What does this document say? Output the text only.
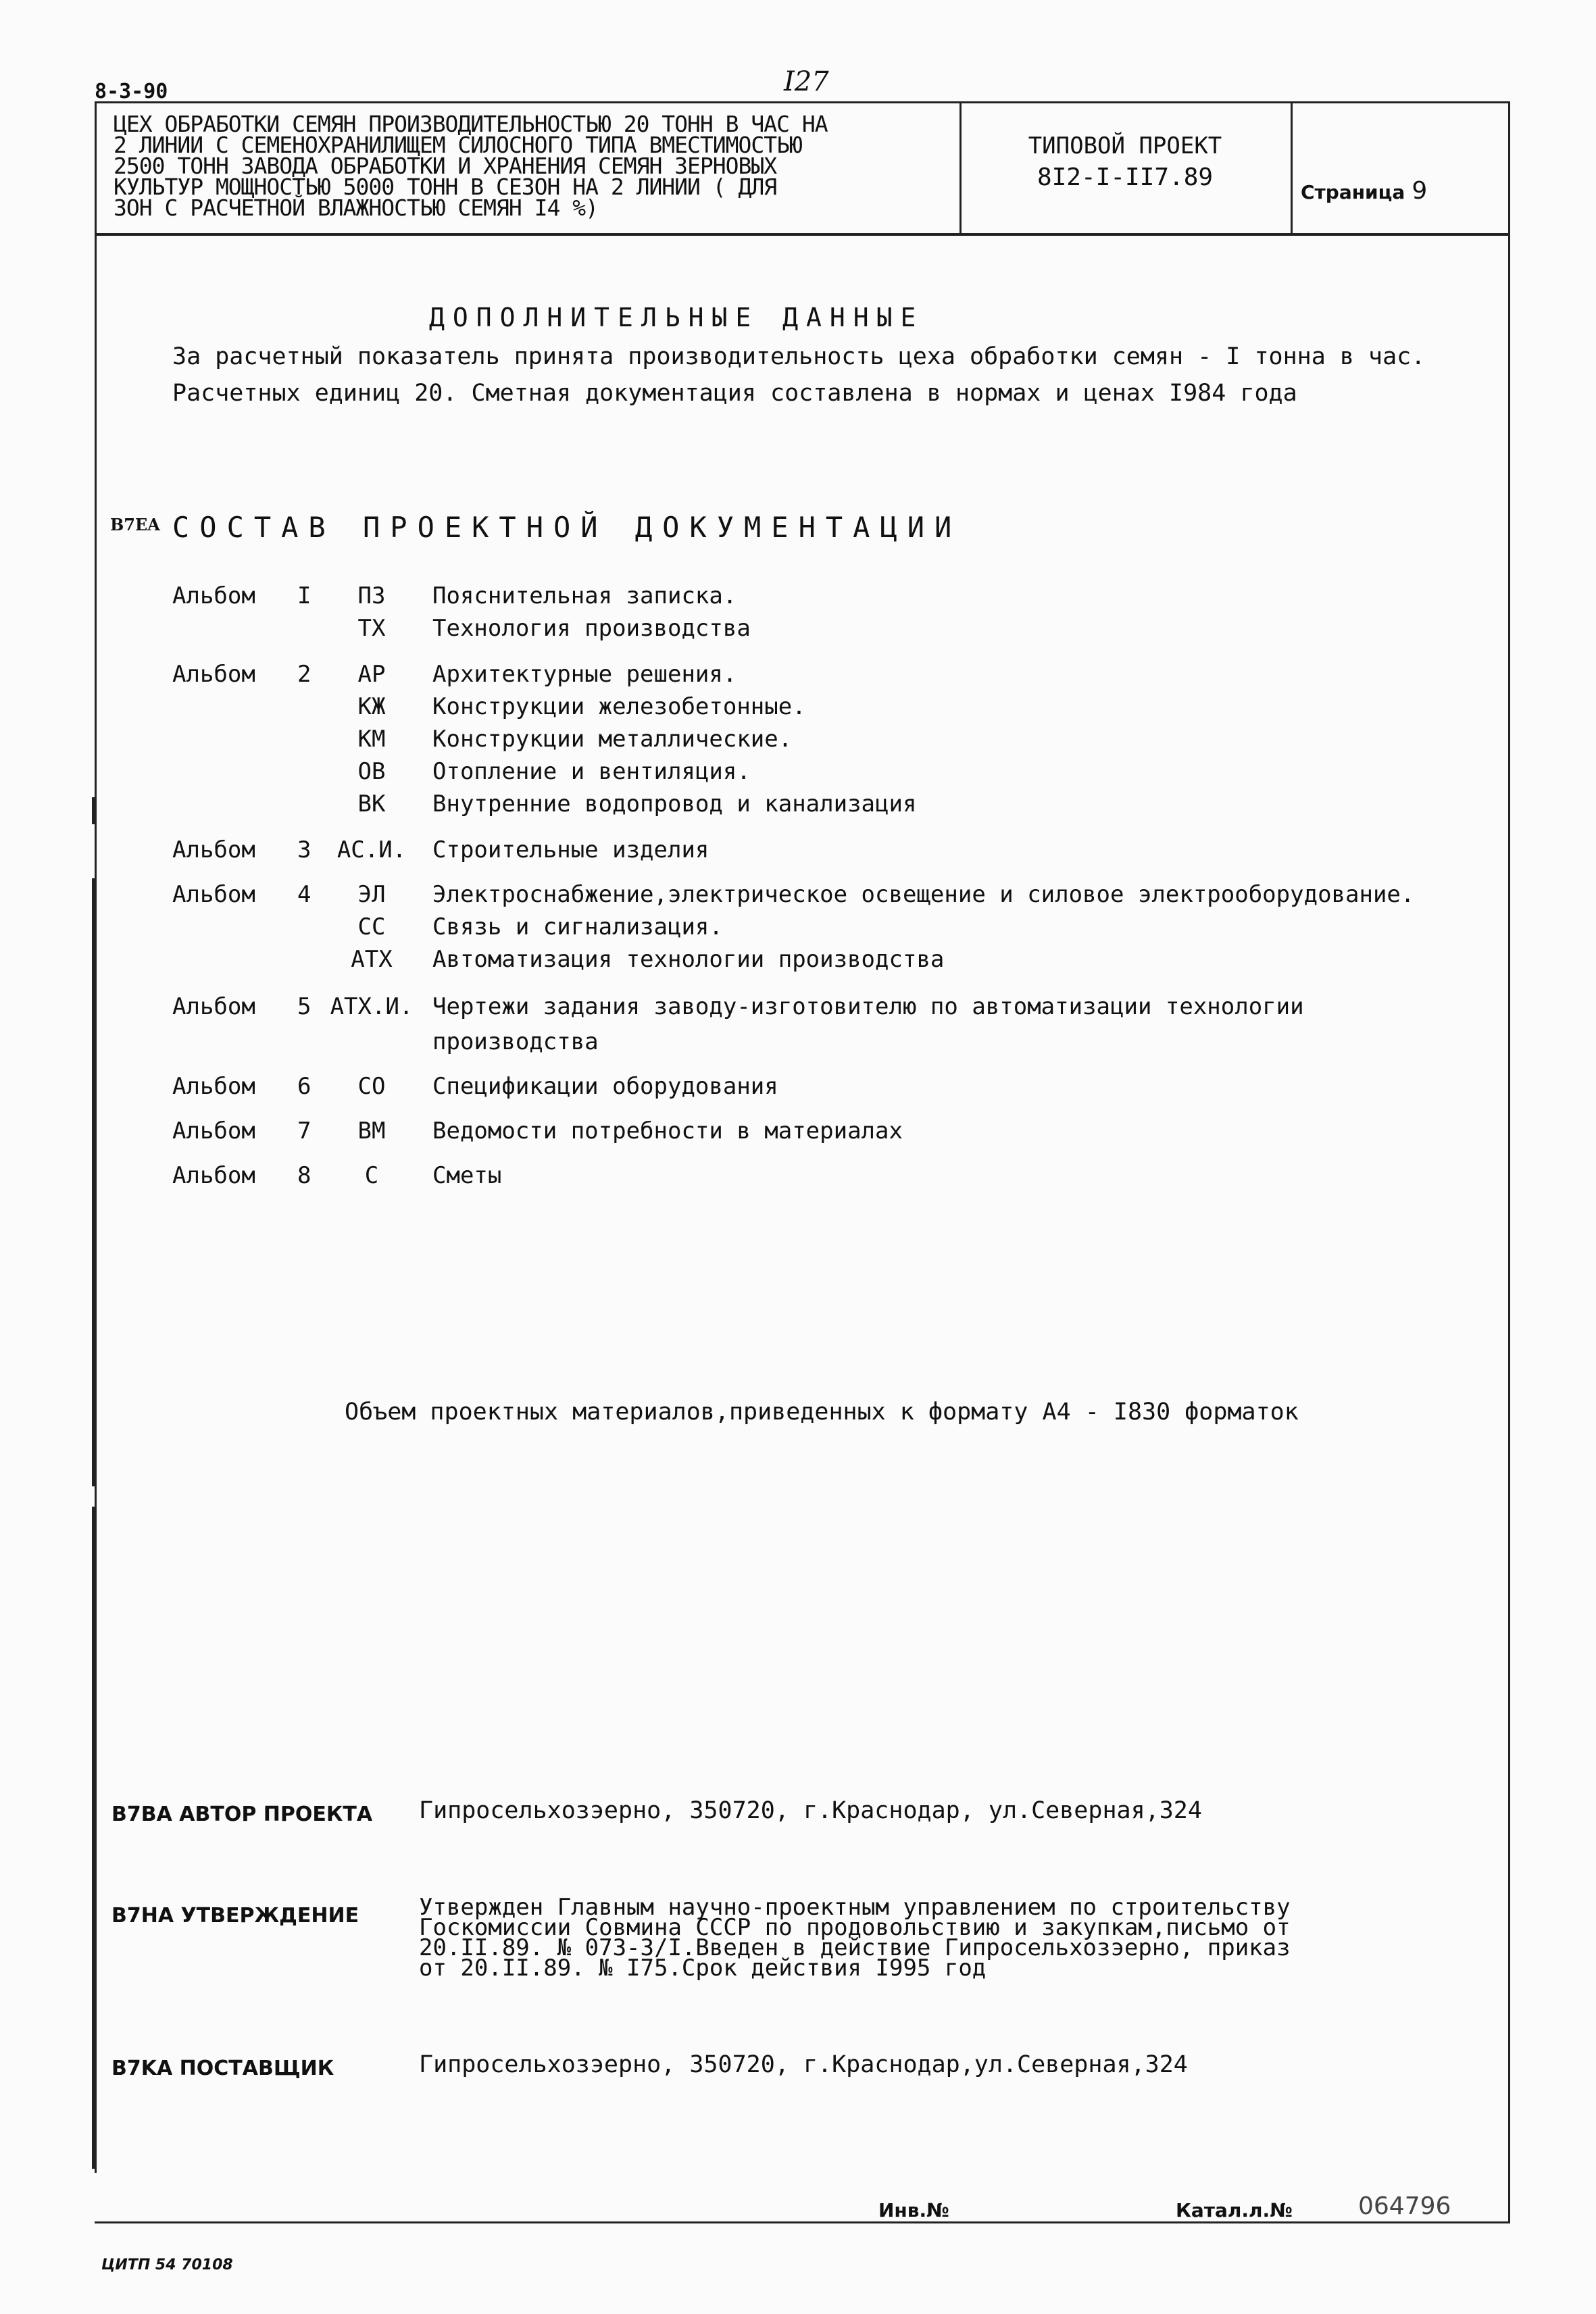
8-3-90	I27
ЦЕХ ОБРАБОТКИ СЕМЯН ПРОИЗВОДИТЕЛЬНОСТЬЮ 20 ТОНН В ЧАС НА
2 ЛИНИИ С СЕМЕНОХРАНИЛИЩЕМ СИЛОСНОГО ТИПА ВМЕСТИМОСТЬЮ
2500 ТОНН ЗАВОДА ОБРАБОТКИ И ХРАНЕНИЯ СЕМЯН ЗЕРНОВЫХ
КУЛЬТУР МОЩНОСТЬЮ 5000 ТОНН В СЕЗОН НА 2 ЛИНИИ ( ДЛЯ
ЗОН С РАСЧЕТНОЙ ВЛАЖНОСТЬЮ СЕМЯН I4 %)
ТИПОВОЙ ПРОЕКТ
8I2-I-II7.89
Страница 9
ДОПОЛНИТЕЛЬНЫЕ ДАННЫЕ
За расчетный показатель принята производительность цеха обработки семян - I тонна в час.
Расчетных единиц 20. Сметная документация составлена в нормах и ценах I984 года
B7EA СОСТАВ ПРОЕКТНОЙ ДОКУМЕНТАЦИИ
Альбом I	ПЗ	Пояснительная записка.
ТХ	Технология производства
Альбом 2	АР	Архитектурные решения.
КЖ	Конструкции железобетонные.
КМ	Конструкции металлические.
ОВ	Отопление и вентиляция.
ВК	Внутренние водопровод и канализация
Альбом 3	АС.И.	Строительные изделия
Альбом 4	ЭЛ	Электроснабжение,электрическое освещение и силовое электрооборудование.
СС	Связь и сигнализация.
АТХ	Автоматизация технологии производства
Альбом 5 АТХ.И. Чертежи задания заводу-изготовителю по автоматизации технологии
производства
Альбом 6	СО	Спецификации оборудования
Альбом 7	ВМ	Ведомости потребности в материалах
Альбом 8	С	Сметы
Объем проектных материалов,приведенных к формату А4 - I830 форматок
B7BA АВТОР ПРОЕКТА Гипросельхозэерно, 350720, г.Краснодар, ул.Северная,324
B7HA УТВЕРЖДЕНИЕ	Утвержден Главным научно-проектным управлением по строительству
Госкомиссии Совмина СССР по продовольствию и закупкам,письмо от
20.II.89. № 073-3/I.Введен в действие Гипросельхозэерно, приказ
от 20.II.89. № I75.Срок действия I995 год
B7KA ПОСТАВЩИК	Гипросельхозэерно, 350720, г.Краснодар,ул.Северная,324
Инв.№	Катал.л.№	064796
ЦИТП 54 70108
